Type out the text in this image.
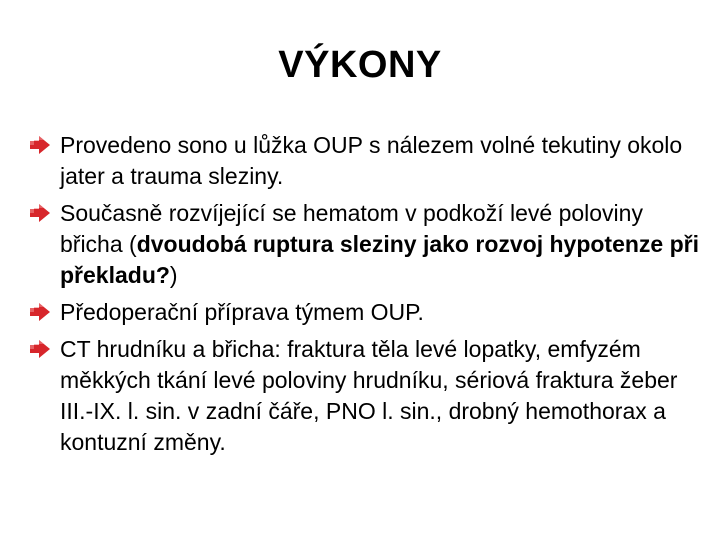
VÝKONY
Provedeno sono u lůžka OUP s nálezem volné tekutiny okolo jater a trauma sleziny.
Současně rozvíjející se hematom v podkoží levé poloviny břicha (dvoudobá ruptura sleziny jako rozvoj hypotenze při překladu?)
Předoperační příprava týmem OUP.
CT hrudníku a břicha: fraktura těla levé lopatky, emfyzém měkkých tkání levé poloviny hrudníku, sériová fraktura žeber III.-IX. l. sin. v zadní čáře, PNO l. sin., drobný hemothorax a kontuzní změny.
